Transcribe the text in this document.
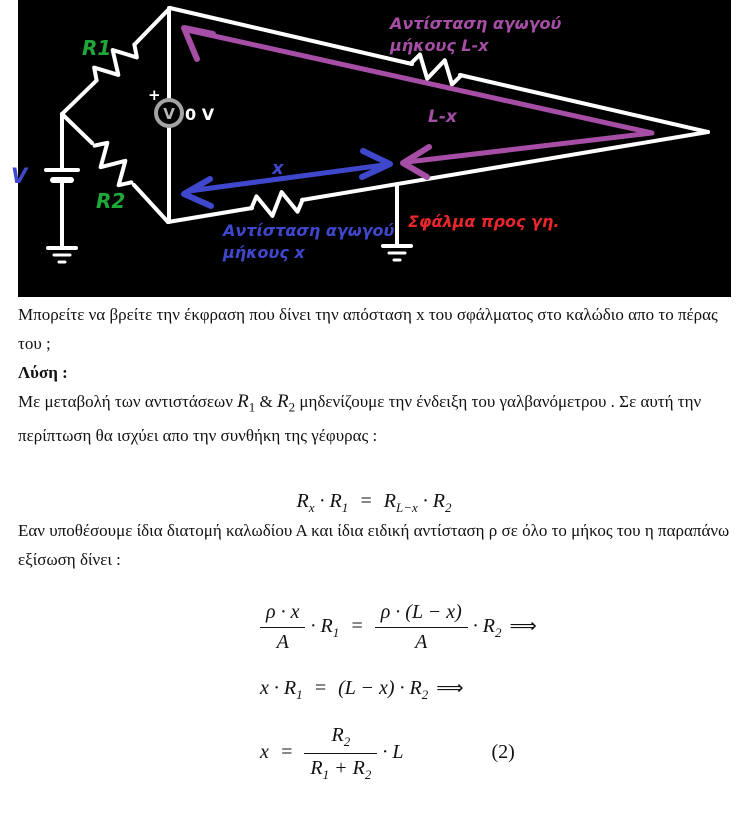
V
+
0 V
R1
R2
V	x
L-x
Αντίσταση αγωγού
μήκους L-x
Αντίσταση αγωγού
μήκους x
Σφάλμα προς γη.

Μπορείτε να βρείτε την έκφραση που δίνει την απόσταση x του σφάλματος στο καλώδιο απο το πέρας του ;

Λύση :

Με μεταβολή των αντιστάσεων $R_1$ & $R_2$ μηδενίζουμε την ένδειξη του γαλβανόμετρου . Σε αυτή την περίπτωση θα ισχύει απο την συνθήκη της γέφυρας :

$R_x \cdot R_1 = R_{L-x} \cdot R_2$

Εαν υποθέσουμε ίδια διατομή καλωδίου Α και ίδια ειδική αντίσταση ρ σε όλο το μήκος του η παραπάνω εξίσωση δίνει :

$\frac{\rho \cdot x}{A} \cdot R_1 = \frac{\rho \cdot (L - x)}{A} \cdot R_2$ ⟹
$x \cdot R_1 = (L - x) \cdot R_2$ ⟹
$x = \frac{R_2}{R_1 + R_2} \cdot L$	(2)
